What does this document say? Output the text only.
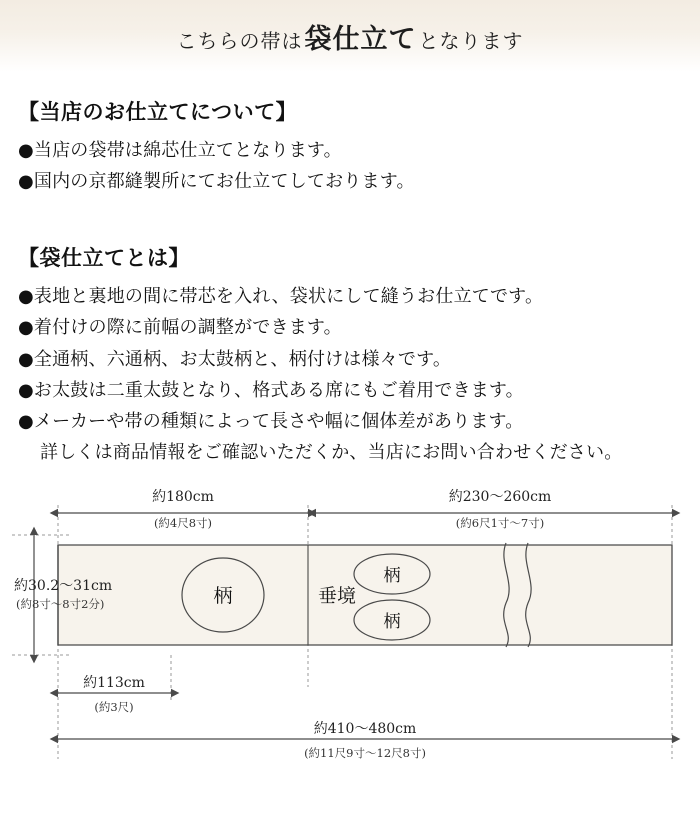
こちらの帯は 袋仕立て となります
【当店のお仕立てについて】
●当店の袋帯は綿芯仕立てとなります。
●国内の京都縫製所にてお仕立てしております。
【袋仕立てとは】
●表地と裏地の間に帯芯を入れ、袋状にして縫うお仕立てです。
●着付けの際に前幅の調整ができます。
●全通柄、六通柄、お太鼓柄と、柄付けは様々です。
●お太鼓は二重太鼓となり、格式ある席にもご着用できます。
●メーカーや帯の種類によって長さや幅に個体差があります。
詳しくは商品情報をご確認いただくか、当店にお問い合わせください。
約180cm
(約4尺8寸)
約230〜260cm
(約6尺1寸〜7寸)
柄	垂境
柄
柄
約30.2〜31cm
(約8寸〜8寸2分)
約113cm
(約3尺)
約410〜480cm
(約11尺9寸〜12尺8寸)
